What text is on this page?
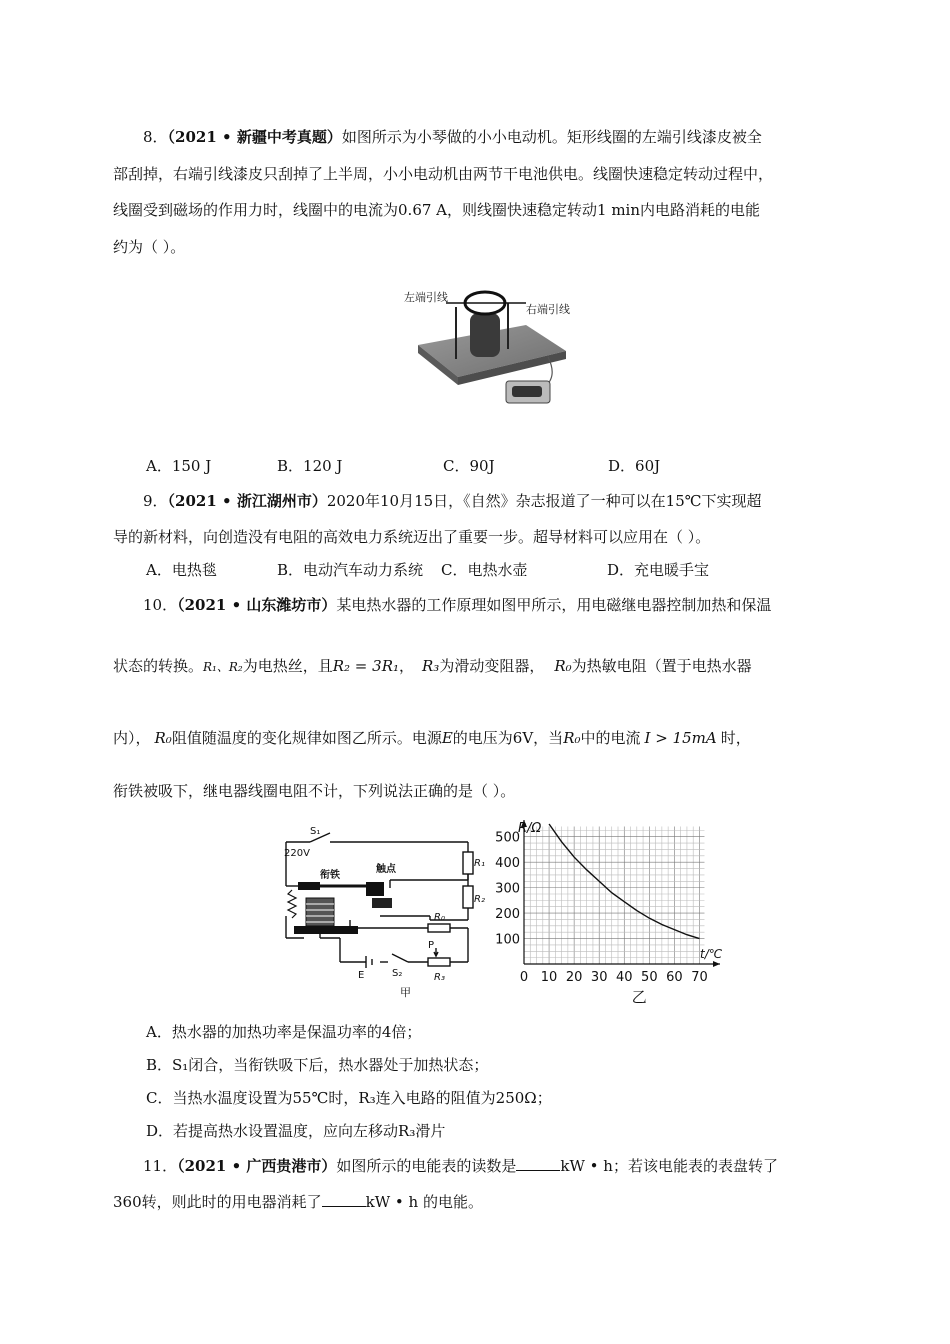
8．（2021 • 新疆中考真题）如图所示为小琴做的小小电动机。矩形线圈的左端引线漆皮被全
部刮掉，右端引线漆皮只刮掉了上半周，小小电动机由两节干电池供电。线圈快速稳定转动过程中，
线圈受到磁场的作用力时，线圈中的电流为0.67 A，则线圈快速稳定转动1 min内电路消耗的电能
约为（ ）。
左端引线
右端引线
A．150 J	B．120 J	C．90J	D．60J
9．（2021 • 浙江湖州市）2020年10月15日，《自然》杂志报道了一种可以在15℃下实现超
导的新材料，向创造没有电阻的高效电力系统迈出了重要一步。超导材料可以应用在（ ）。
A．电热毯	B．电动汽车动力系统	C．电热水壶	D．充电暖手宝
10．（2021 • 山东潍坊市）某电热水器的工作原理如图甲所示，用电磁继电器控制加热和保温
状态的转换。R₁、R₂为电热丝，且R₂ = 3R₁， R₃为滑动变阻器， R₀为热敏电阻（置于电热水器
内）， R₀阻值随温度的变化规律如图乙所示。电源E的电压为6V，当R₀中的电流 I > 15mA 时，
衔铁被吸下，继电器线圈电阻不计，下列说法正确的是（ ）。
S₁
220V
衔铁
触点
R₁
R₂
R₀
P
R₃
E	S₂
甲
0 10 20 30 40 50 60 70
100
200
300
400
500
R/Ω
t/℃
乙
A．热水器的加热功率是保温功率的4倍；
B．S₁闭合，当衔铁吸下后，热水器处于加热状态；
C．当热水温度设置为55℃时，R₃连入电路的阻值为250Ω；
D．若提高热水设置温度，应向左移动R₃滑片
11．（2021 • 广西贵港市）如图所示的电能表的读数是	kW • h；若该电能表的表盘转了
360转，则此时的用电器消耗了	kW • h 的电能。
